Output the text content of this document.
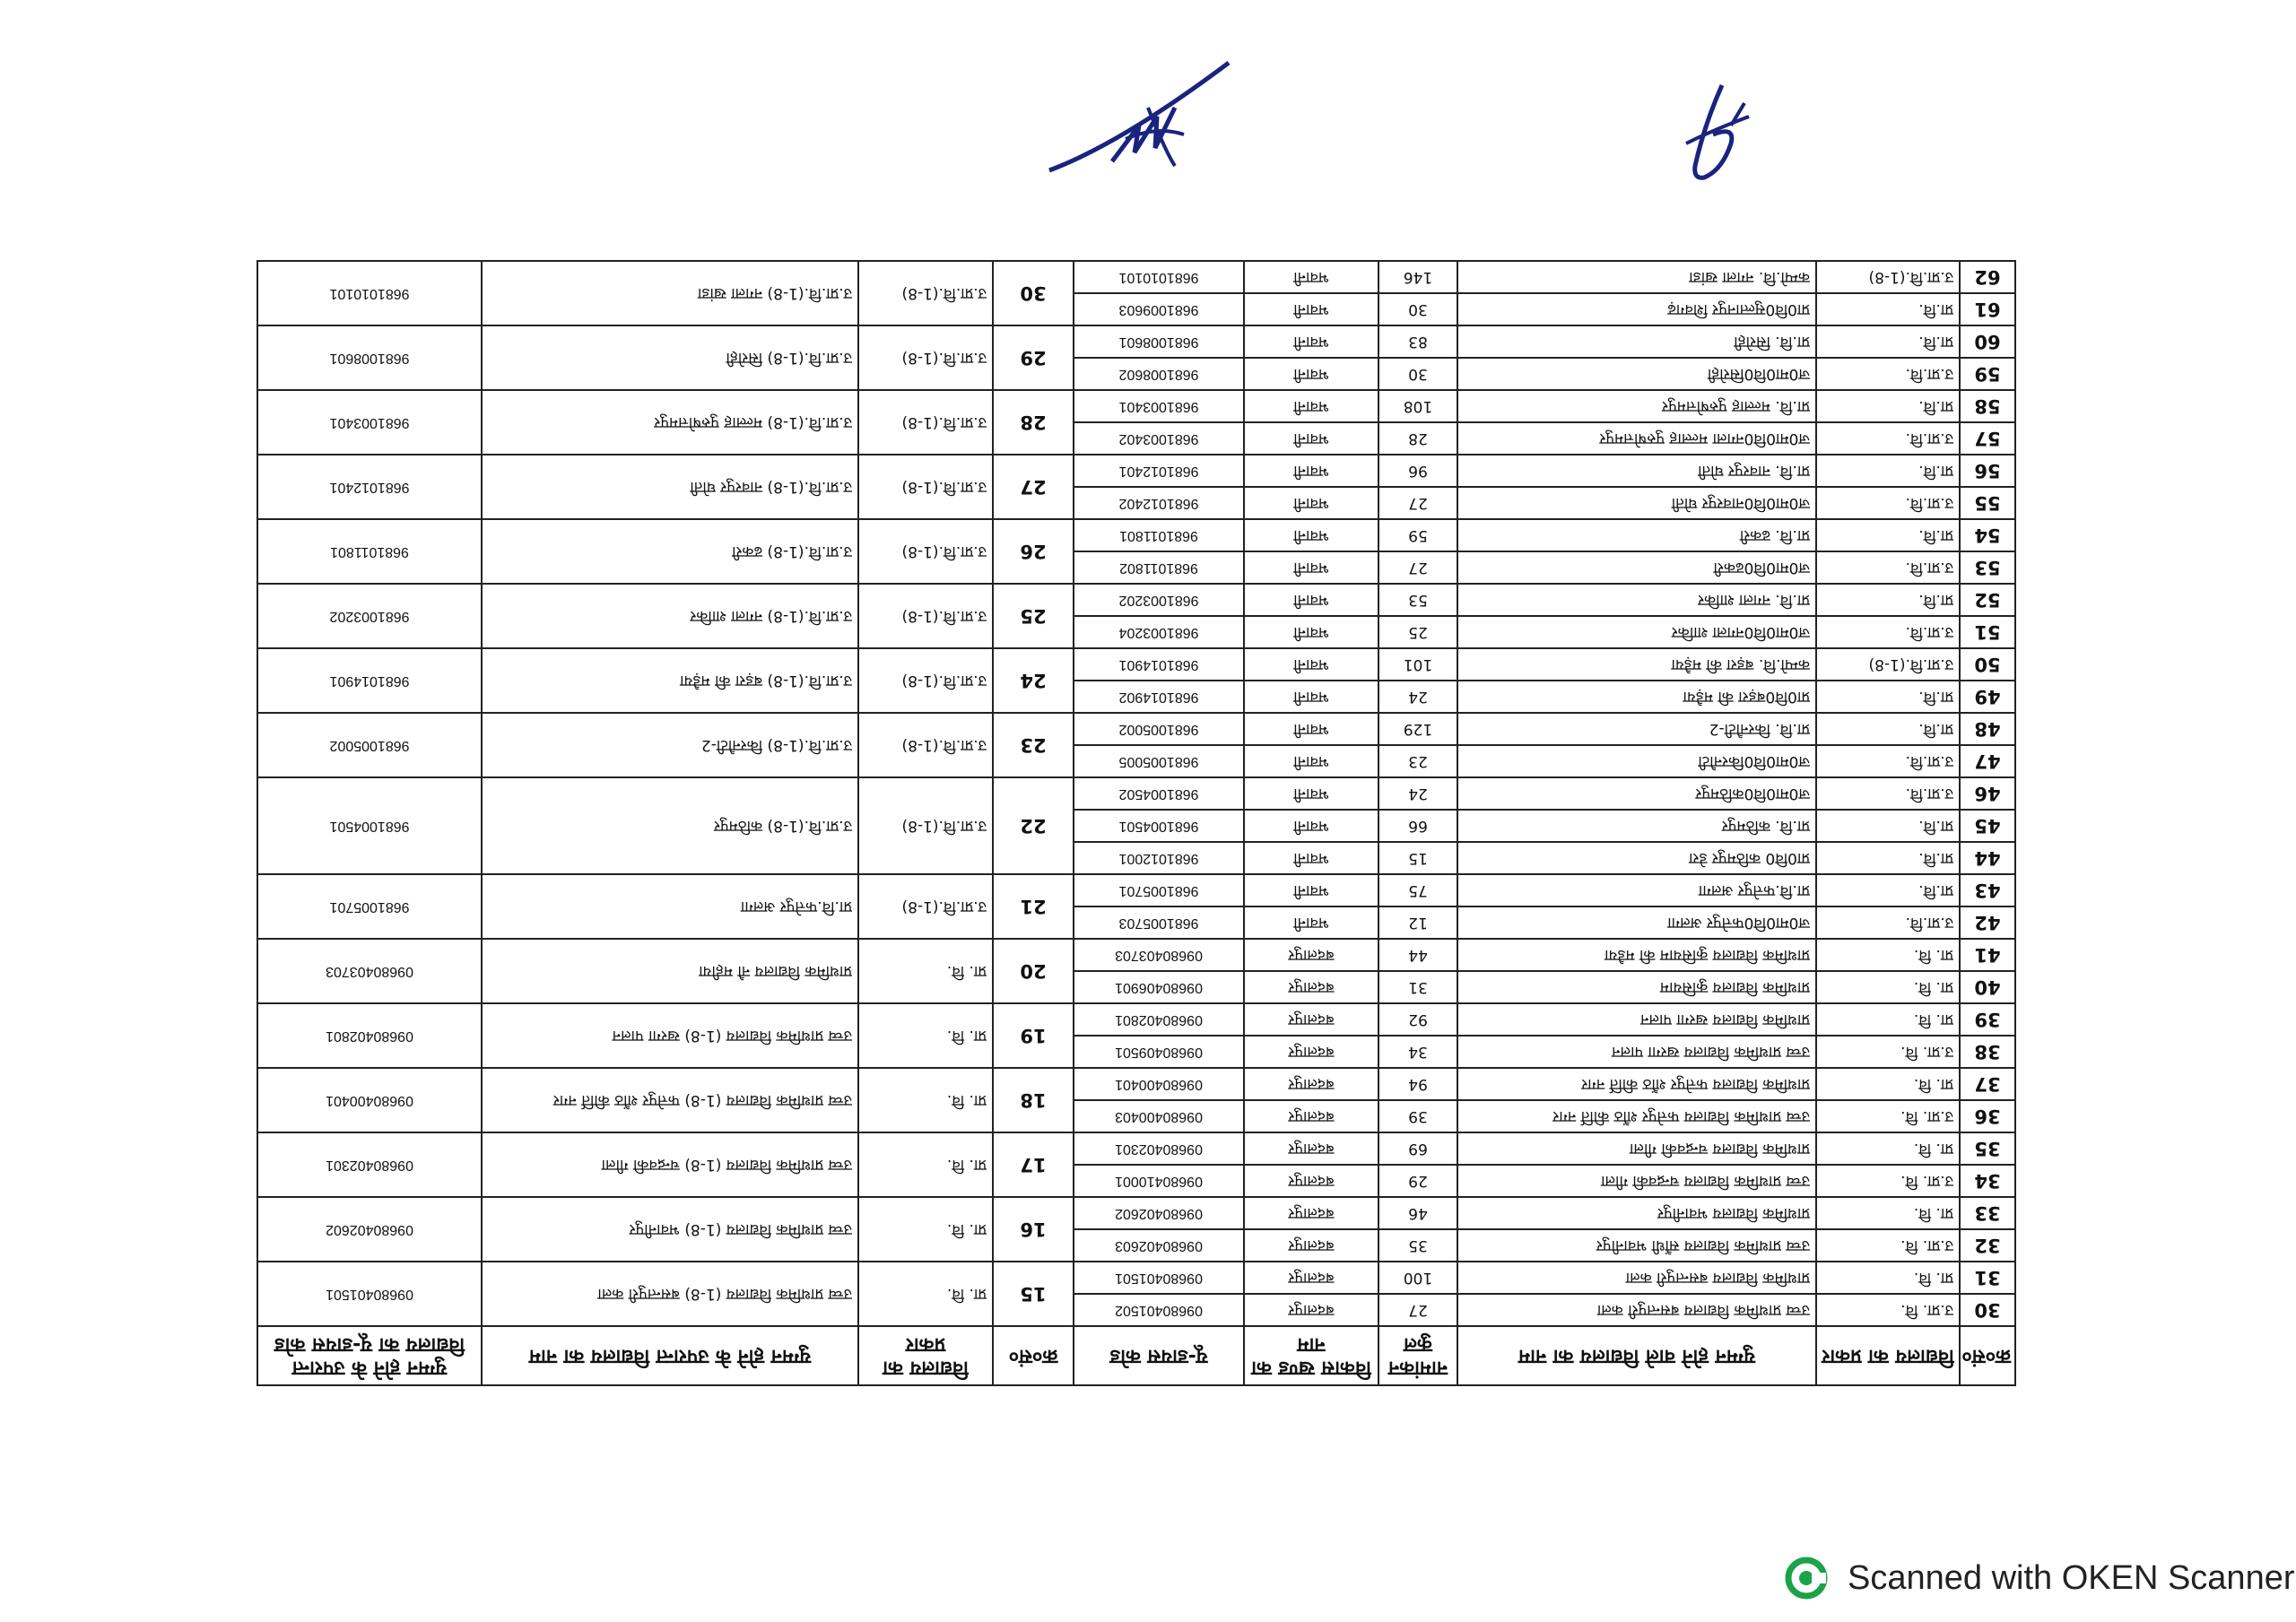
क्र०सं०	विद्यालय का प्रकार	युग्मन होने वाले विद्यालय का नाम	नामांकन कुल	विकास खण्ड का नाम	यू-डायस कोड	क्र०सं०	विद्यालय का प्रकार	युग्मन होने के उपरान्त विद्यालय का नाम	युग्मन होने के उपरान्त विद्यालय का यू-डायस कोड
30	उ.प्रा. वि.	उच्च प्राथमिक विद्यालय बसन्तपुरी कला	27	बदलापुर	09680401502	15	प्रा. वि.	उच्च प्राथमिक विद्यालय (1-8) बसन्तपुरी कला	09680401501
31	प्रा. वि.	प्राथमिक विद्यालय बसन्तपुरी कला	100	बदलापुर	09680401501				
32	उ.प्रा. वि.	उच्च प्राथमिक विद्यालय सौंधी भवानीपुर	35	बदलापुर	09680402603	16	प्रा. वि.	उच्च प्राथमिक विद्यालय (1-8) भवानीपुर	09680402602
33	प्रा. वि.	प्राथमिक विद्यालय भवानीपुर	46	बदलापुर	09680402602				
34	उ.प्रा. वि.	उच्च प्राथमिक विद्यालय चन्द्रवकी गीला	29	बदलापुर	09680410001	17	प्रा. वि.	उच्च प्राथमिक विद्यालय (1-8) चन्द्रवकी गीला	09680402301
35	प्रा. वि.	प्राथमिक विद्यालय चन्द्रवकी गीला	69	बदलापुर	09680402301				
36	उ.प्रा. वि.	उच्च प्राथमिक विद्यालय फत्तेपुर शौंठ कीर्ति नगर	39	बदलापुर	09680400403	18	प्रा. वि.	उच्च प्राथमिक विद्यालय (1-8) फत्तेपुर शौंठ कीर्ति नगर	09680400401
37	प्रा. वि.	प्राथमिक विद्यालय फत्तेपुर शौंठ कीर्ति नगर	94	बदलापुर	09680400401				
38	उ.प्रा. वि.	उच्च प्राथमिक विद्यालय खरगा पालन	34	बदलापुर	09680409501	19	प्रा. वि.	उच्च प्राथमिक विद्यालय (1-8) खरगा पालन	09680402801
39	प्रा. वि.	प्राथमिक विद्यालय खरगा पालन	92	बदलापुर	09680402801				
40	प्रा. वि.	प्राथमिक विद्यालय कुसियाम	31	बदलापुर	09680406901	20	प्रा. वि.	प्राथमिक विद्यालय नौ महीया	09680403703
41	प्रा. वि.	प्राथमिक विद्यालय कुसियाम की मडैया	44	बदलापुर	09680403703				
42	उ.प्रा.वि.	ज0मा0वि0फत्तेपुर अलगा	12	भवानी	9681005703	21	उ.प्रा.वि.(1-8)	प्रा.वि.फत्तेपुर अलगा	9681005701
43	प्रा.वि.	प्रा.वि.फत्तेपुर अलगा	75	भवानी	9681005701				
44	प्रा.वि.	प्रा0वि0 कठिमपुर डेरा	15	भवानी	9681012001	22	उ.प्रा.वि.(1-8)	उ.प्रा.वि.(1-8) कठिमपुर	9681004501
45	प्रा.वि.	प्रा.वि. कठिमपुर	66	भवानी	9681004501				
46	उ.प्रा.वि.	ज0मा0वि0कठिमपुर	24	भवानी	9681004502				
47	उ.प्रा.वि.	ज0मा0वि0किरनौटी	23	भवानी	9681005005	23	उ.प्रा.वि.(1-8)	उ.प्रा.वि.(1-8) किरनौटी-2	9681005002
48	प्रा.वि.	प्रा.वि. किरनौटी-2	129	भवानी	9681005002				
49	प्रा.वि.	प्रा0वि0बड़रा की मड़ैया	24	भवानी	9681014902	24	उ.प्रा.वि.(1-8)	उ.प्रा.वि.(1-8) बड़रा की मड़ैया	9681014901
50	उ.प्रा.वि.(1-8)	कम्पो.वि. बड़रा की मड़ैया	101	भवानी	9681014901				
51	उ.प्रा.वि.	ज0मा0वि0नगला शाकिर	25	भवानी	9681003204	25	उ.प्रा.वि.(1-8)	उ.प्रा.वि.(1-8) नगला शाकिर	9681003202
52	प्रा.वि.	प्रा.वि. नगला शाकिर	53	भवानी	9681003202				
53	उ.प्रा.वि.	ज0मा0वि0ढकरी	27	भवानी	9681011802	26	उ.प्रा.वि.(1-8)	उ.प्रा.वि.(1-8) ढकरी	9681011801
54	प्रा.वि.	प्रा.वि. ढकरी	59	भवानी	9681011801				
55	उ.प्रा.वि.	ज0मा0वि0नावरपुर घोती	27	भवानी	9681012402	27	उ.प्रा.वि.(1-8)	उ.प्रा.वि.(1-8) नावरपुर घोती	9681012401
56	प्रा.वि.	प्रा.वि. नावरपुर घोती	96	भवानी	9681012401				
57	उ.प्रा.वि.	ज0मा0वि0नगला मल्लाह पुरुषोत्तमपुर	28	भवानी	9681003402	28	उ.प्रा.वि.(1-8)	उ.प्रा.वि.(1-8) मल्लाह पुरुषोत्तमपुर	9681003401
58	प्रा.वि.	प्रा.वि. मल्लाह पुरुषोत्तमपुर	108	भवानी	9681003401				
59	उ.प्रा.वि.	ज0मा0वि0सिरोही	30	भवानी	9681008602	29	उ.प्रा.वि.(1-8)	उ.प्रा.वि.(1-8) सिरोही	9681008601
60	प्रा.वि.	प्रा.वि. सिरोही	83	भवानी	9681008601				
61	प्रा.वि.	प्रा0वि0सुल्तानपुर शिवगढ़	30	भवानी	9681009603	30	उ.प्रा.वि.(1-8)	उ.प्रा.वि.(1-8) नगला खांडा	9681010101
62	उ.प्रा.वि.(1-8)	कम्पो.वि. नगला खांडा	146	भवानी	9681010101				
Scanned with OKEN Scanner
